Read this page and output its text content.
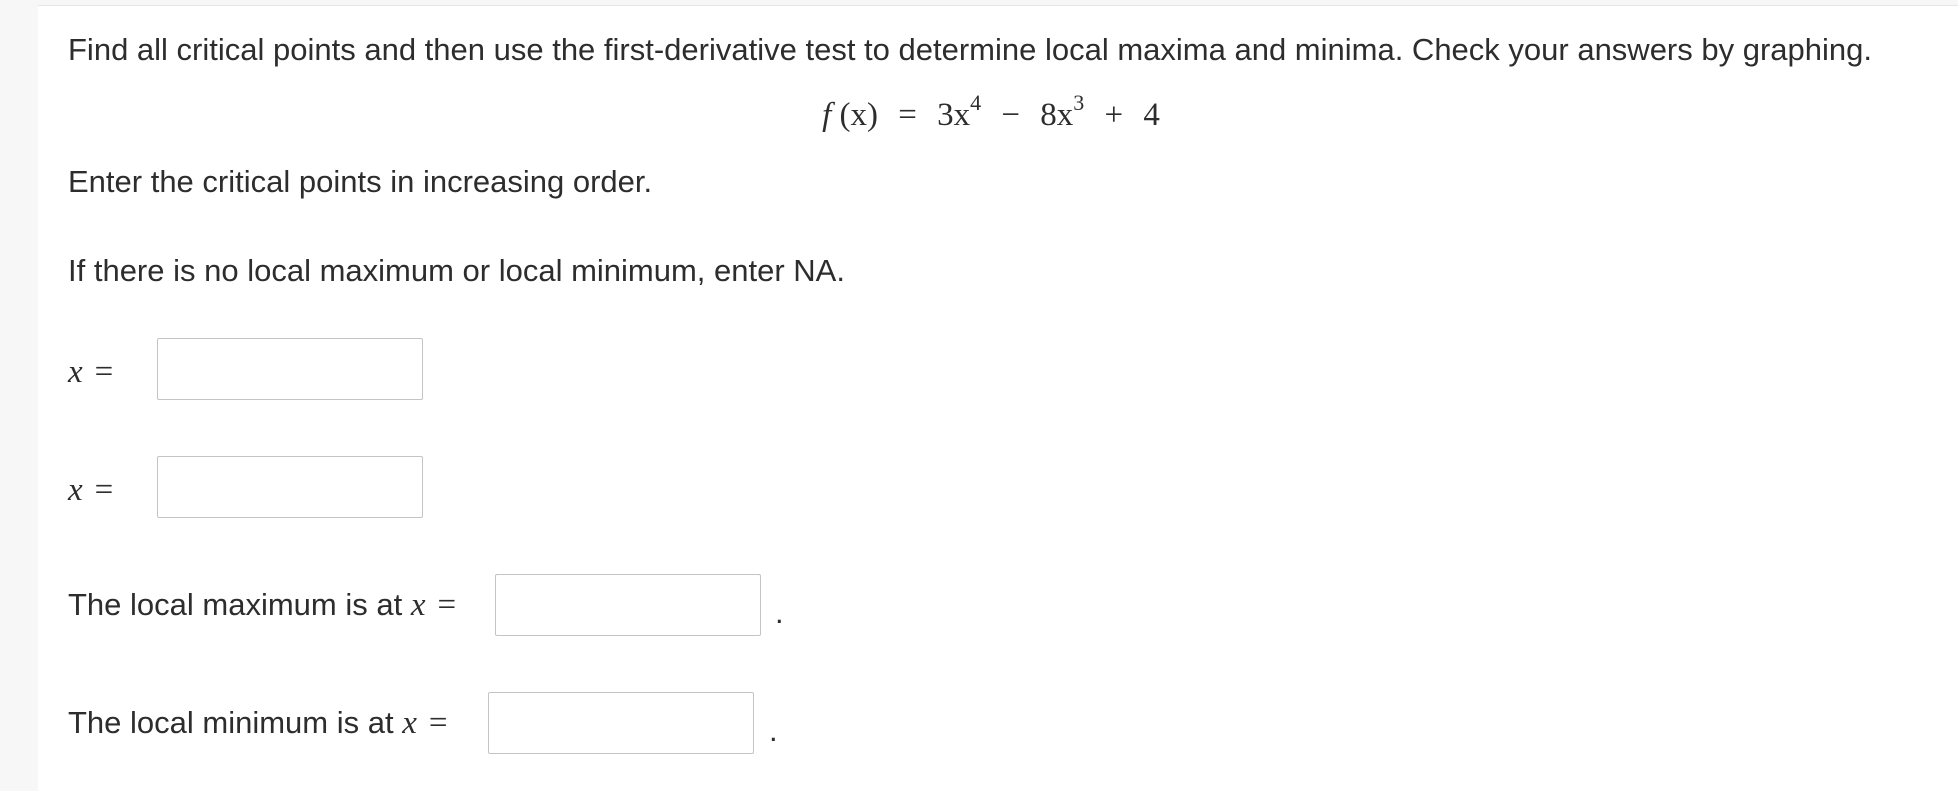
Find all critical points and then use the first-derivative test to determine local maxima and minima. Check your answers by graphing.
f $(x) = 3x^4 - 8x^3 + 4$
Enter the critical points in increasing order.
If there is no local maximum or local minimum, enter NA.
x =
x =
The local maximum is at x =	.
The local minimum is at x =	.
